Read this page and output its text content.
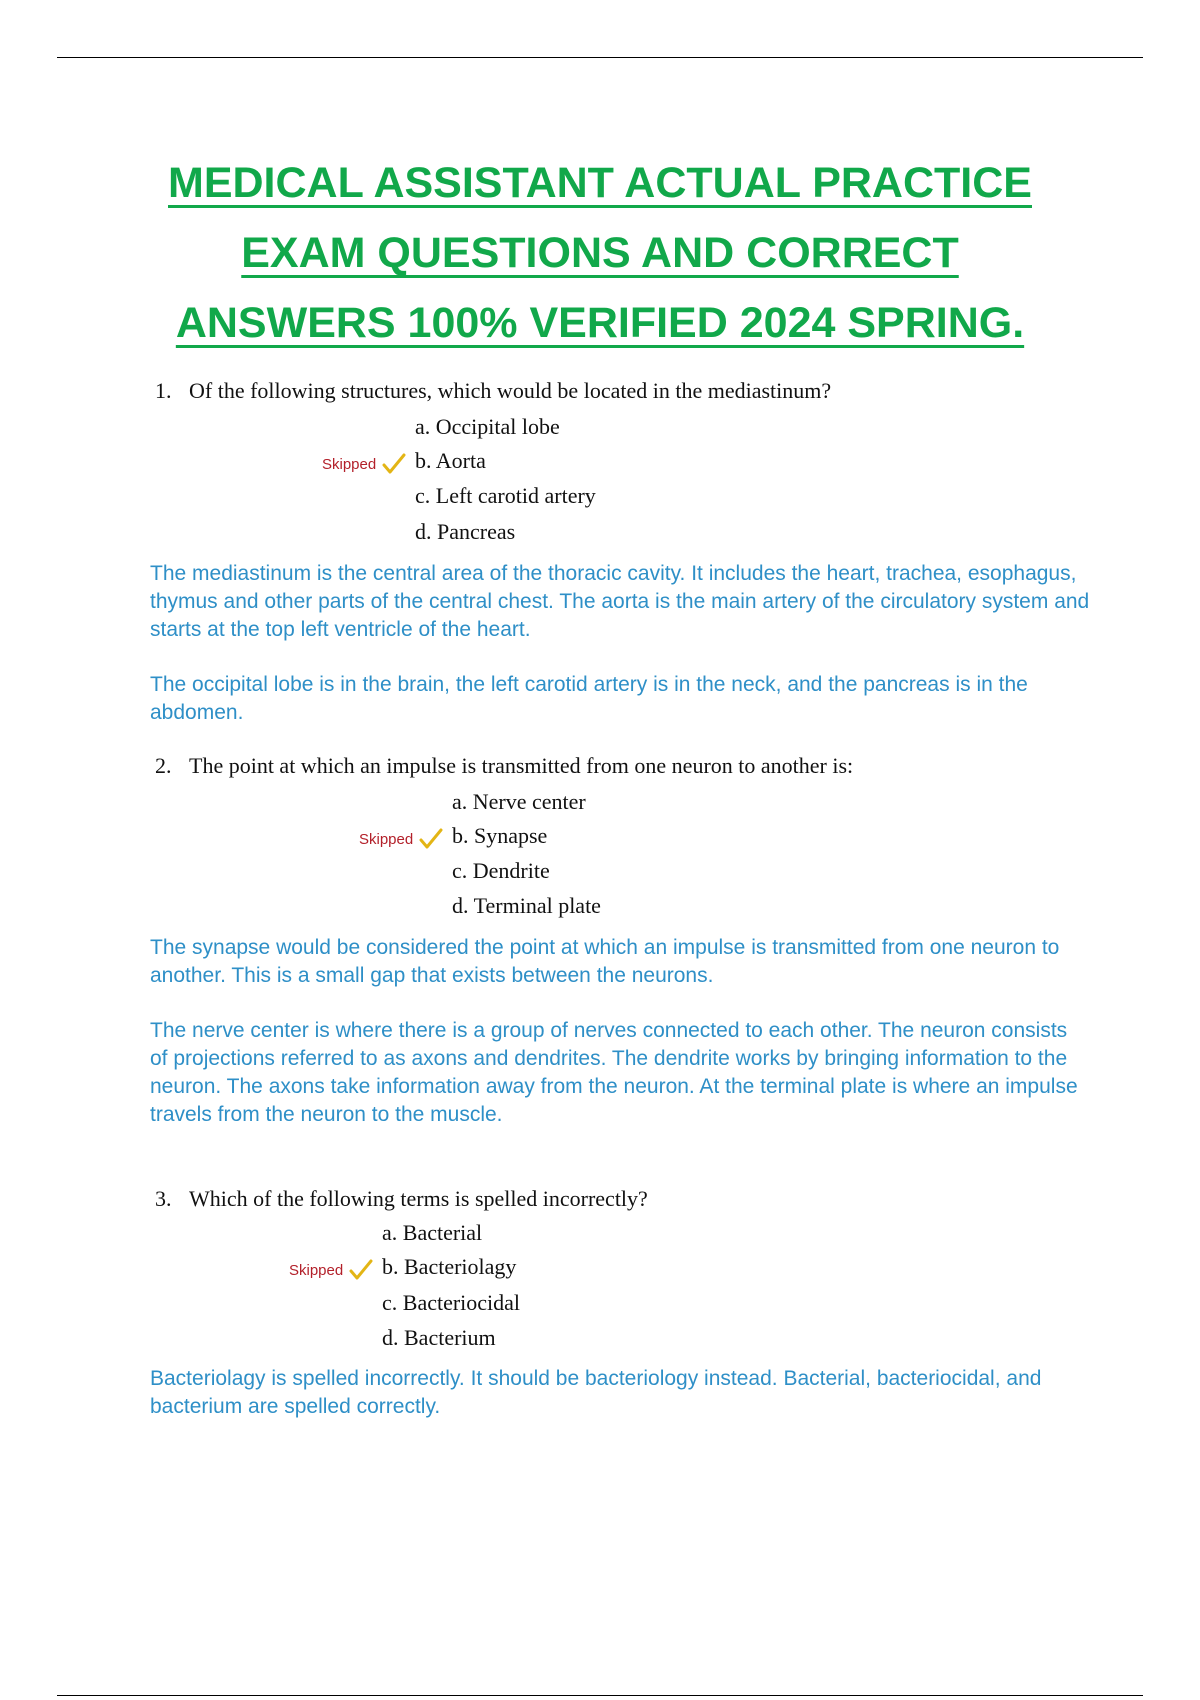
MEDICAL ASSISTANT ACTUAL PRACTICE
EXAM QUESTIONS AND CORRECT
ANSWERS 100% VERIFIED 2024 SPRING.

1. Of the following structures, which would be located in the mediastinum?

a. Occipital lobe

Skipped b. Aorta

c. Left carotid artery

d. Pancreas

The mediastinum is the central area of the thoracic cavity. It includes the heart, trachea, esophagus, thymus and other parts of the central chest. The aorta is the main artery of the circulatory system and starts at the top left ventricle of the heart.

The occipital lobe is in the brain, the left carotid artery is in the neck, and the pancreas is in the abdomen.

2. The point at which an impulse is transmitted from one neuron to another is:

a. Nerve center

Skipped b. Synapse

c. Dendrite

d. Terminal plate

The synapse would be considered the point at which an impulse is transmitted from one neuron to another. This is a small gap that exists between the neurons.

The nerve center is where there is a group of nerves connected to each other. The neuron consists of projections referred to as axons and dendrites. The dendrite works by bringing information to the neuron. The axons take information away from the neuron. At the terminal plate is where an impulse travels from the neuron to the muscle.

3. Which of the following terms is spelled incorrectly?

a. Bacterial

Skipped b. Bacteriolagy

c. Bacteriocidal

d. Bacterium

Bacteriolagy is spelled incorrectly. It should be bacteriology instead. Bacterial, bacteriocidal, and bacterium are spelled correctly.
